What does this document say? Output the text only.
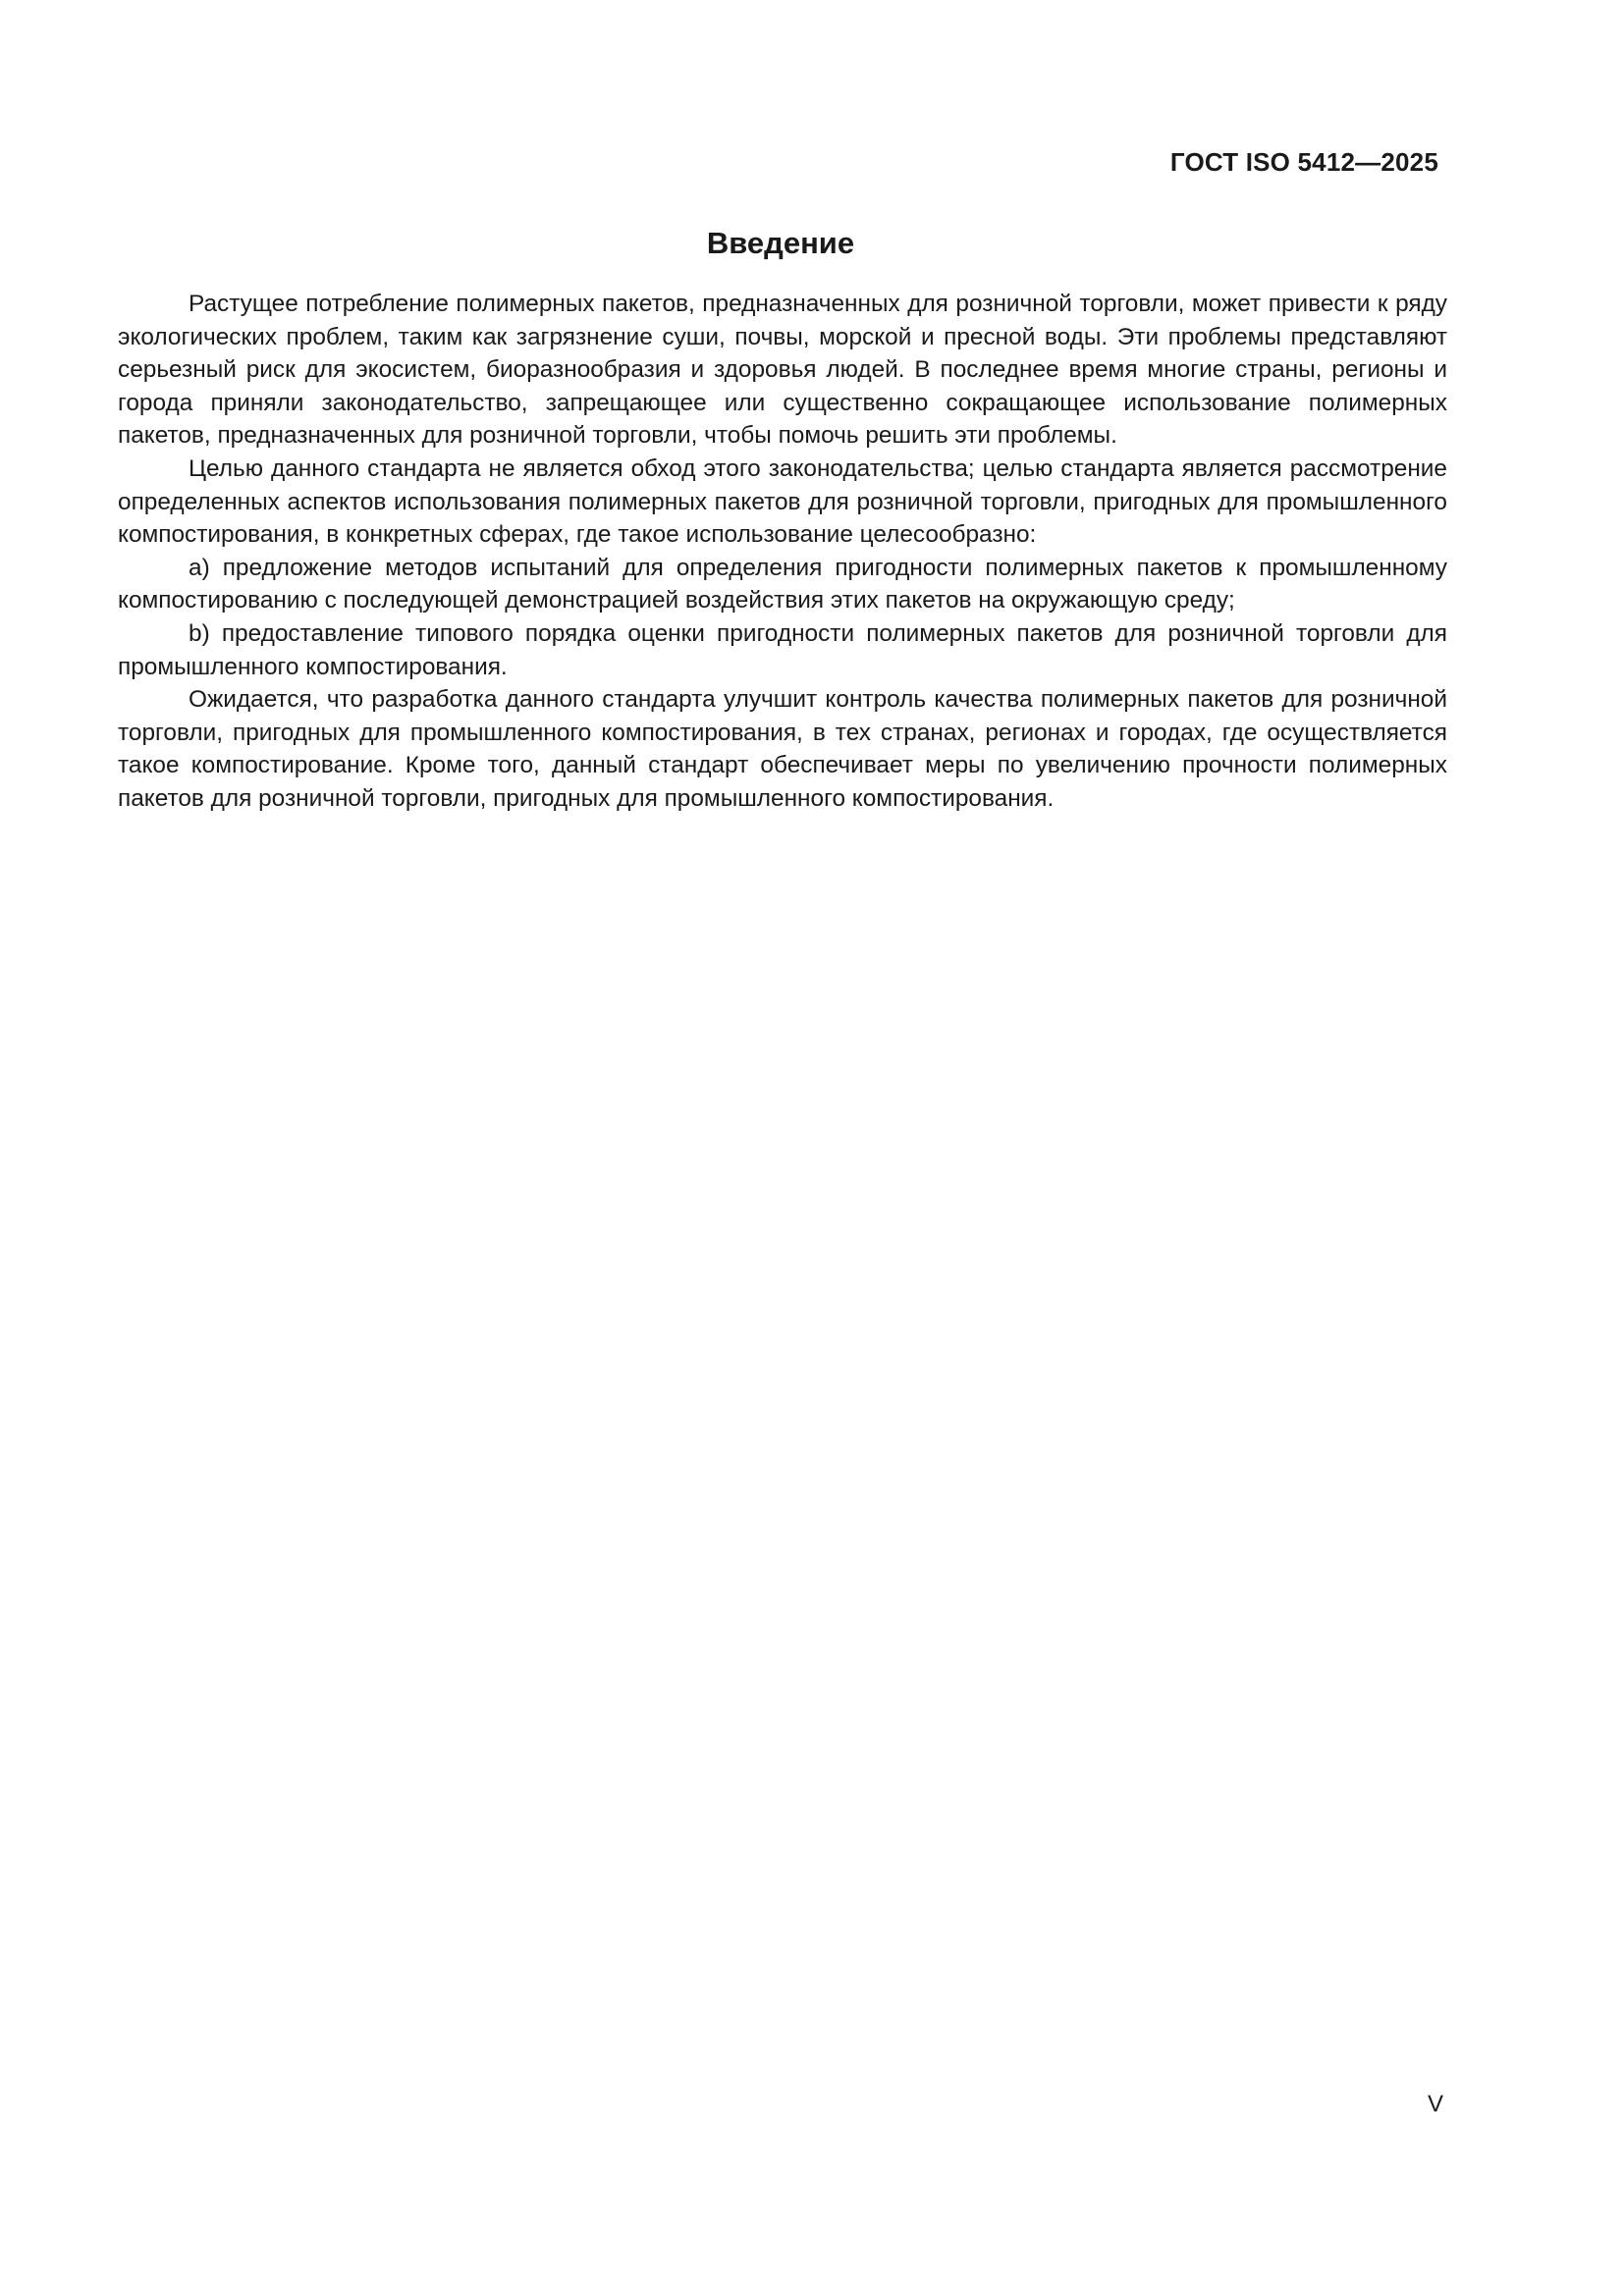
ГОСТ ISO 5412—2025
Введение

Растущее потребление полимерных пакетов, предназначенных для розничной торговли, может привести к ряду экологических проблем, таким как загрязнение суши, почвы, морской и пресной воды. Эти проблемы представляют серьезный риск для экосистем, биоразнообразия и здоровья людей. В последнее время многие страны, регионы и города приняли законодательство, запрещающее или существенно сокращающее использование полимерных пакетов, предназначенных для розничной торговли, чтобы помочь решить эти проблемы.

Целью данного стандарта не является обход этого законодательства; целью стандарта является рассмотрение определенных аспектов использования полимерных пакетов для розничной торговли, пригодных для промышленного компостирования, в конкретных сферах, где такое использование целесообразно:

a) предложение методов испытаний для определения пригодности полимерных пакетов к промышленному компостированию с последующей демонстрацией воздействия этих пакетов на окружающую среду;

b) предоставление типового порядка оценки пригодности полимерных пакетов для розничной торговли для промышленного компостирования.

Ожидается, что разработка данного стандарта улучшит контроль качества полимерных пакетов для розничной торговли, пригодных для промышленного компостирования, в тех странах, регионах и городах, где осуществляется такое компостирование. Кроме того, данный стандарт обеспечивает меры по увеличению прочности полимерных пакетов для розничной торговли, пригодных для промышленного компостирования.

V
